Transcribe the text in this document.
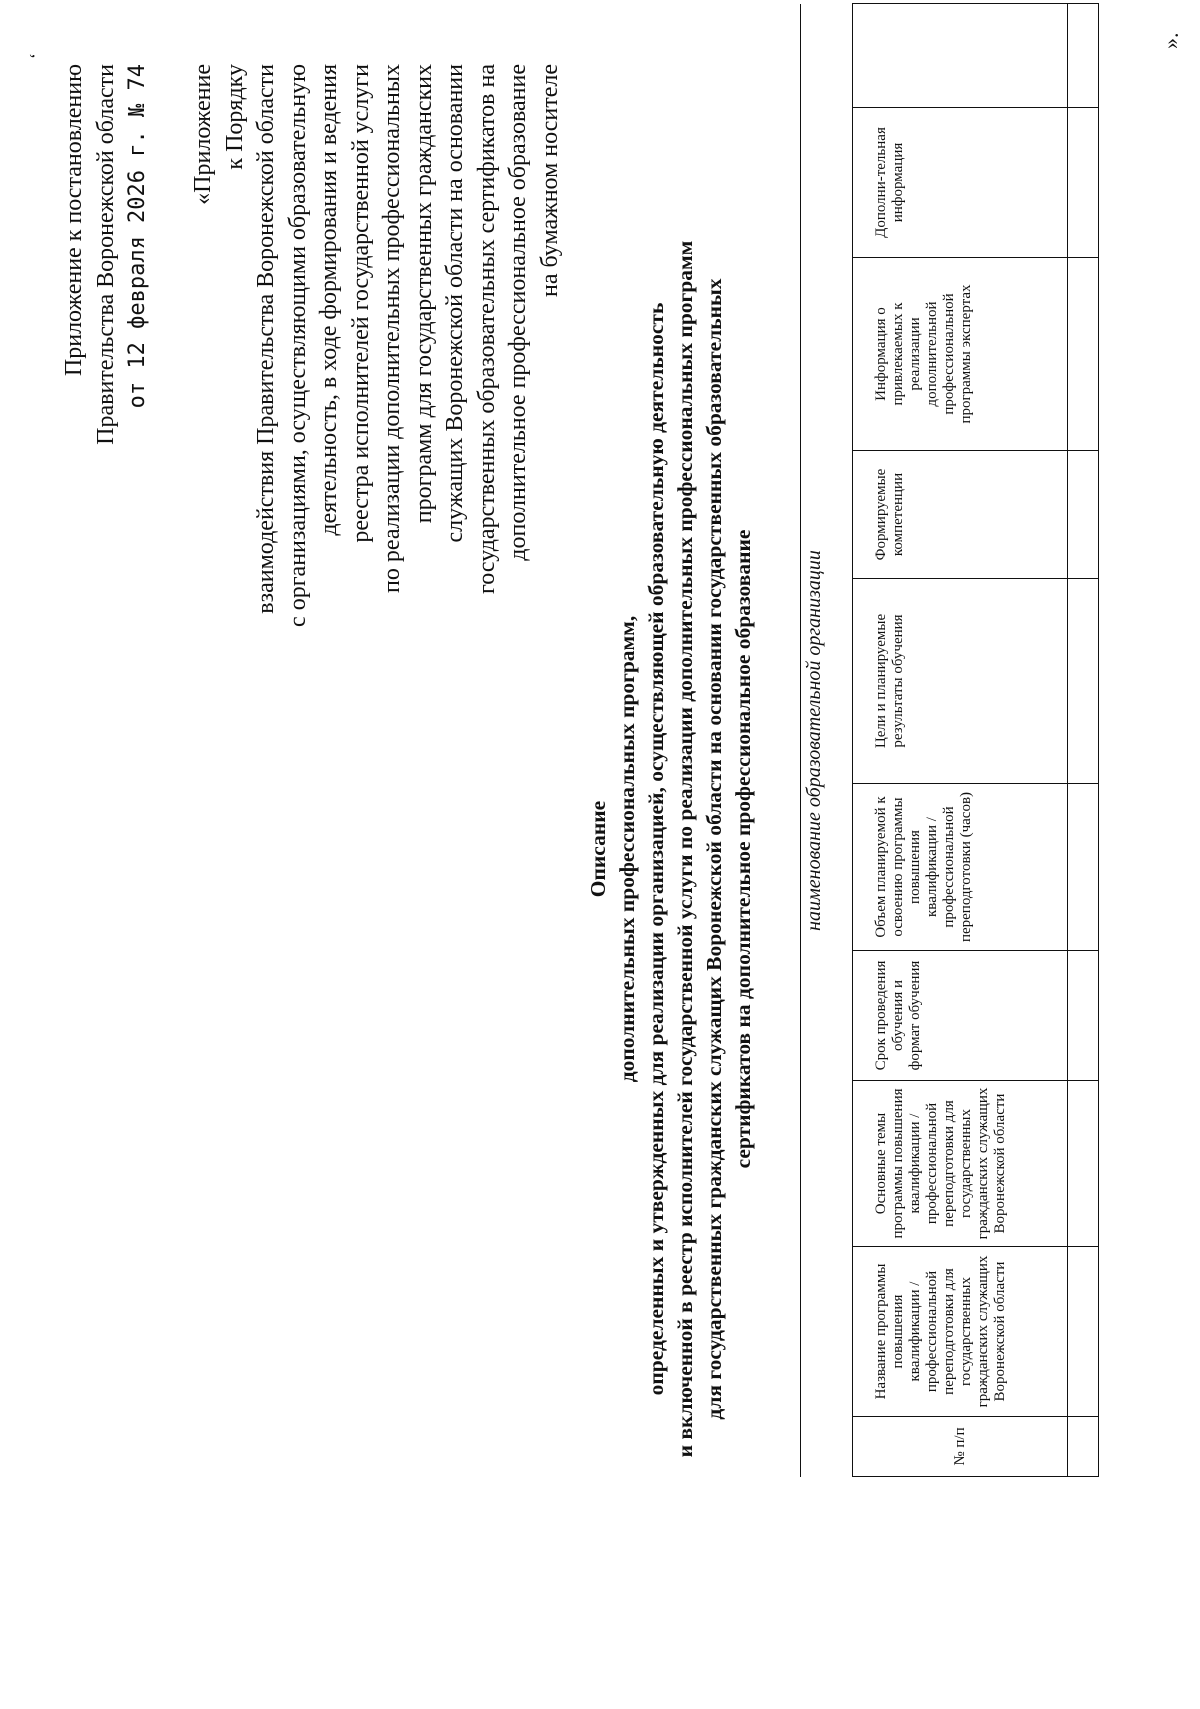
‘
Приложение к постановлению Правительства Воронежской области от 12 февраля 2026 г. № 74 «Приложение к Порядку взаимодействия Правительства Воронежской области с организациями, осуществляющими образовательную деятельность, в ходе формирования и ведения реестра исполнителей государственной услуги по реализации дополнительных профессиональных программ для государственных гражданских служащих Воронежской области на основании государственных образовательных сертификатов на дополнительное профессиональное образование на бумажном носителе
Описание дополнительных профессиональных программ, определенных и утвержденных для реализации организацией, осуществляющей образовательную деятельность и включенной в реестр исполнителей государственной услуги по реализации дополнительных профессиональных программ для государственных гражданских служащих Воронежской области на основании государственных образовательных сертификатов на дополнительное профессиональное образование наименование образовательной организации
№ п/п	Название программы повышения квалификации / профессиональной переподготовки для государственных гражданских служащих Воронежской области	Основные темы программы повышения квалификации / профессиональной переподготовки для государственных гражданских служащих Воронежской области	Срок проведения обучения и формат обучения	Объем планируемой к освоению программы повышения квалификации / профессиональной переподготовки (часов)	Цели и планируемые результаты обучения	Формируемые компетенции	Информация о привлекаемых к реализации дополнительной профессиональной программы экспертах	Дополни-тельная информация	

».
